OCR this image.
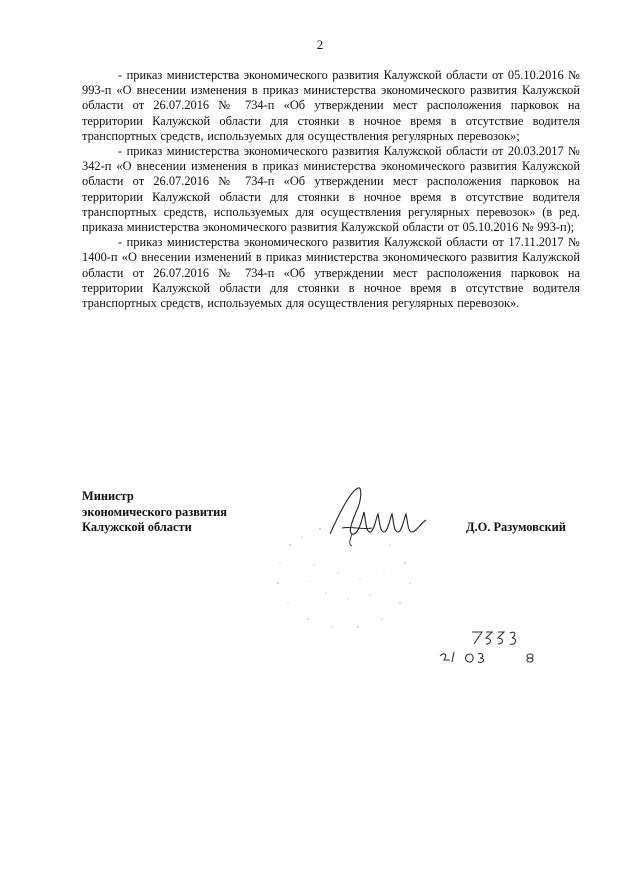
2

- приказ министерства экономического развития Калужской области от 05.10.2016 № 993-п «О внесении изменения в приказ министерства экономического развития Калужской области от 26.07.2016 № 734-п «Об утверждении мест расположения парковок на территории Калужской области для стоянки в ночное время в отсутствие водителя транспортных средств, используемых для осуществления регулярных перевозок»;

- приказ министерства экономического развития Калужской области от 20.03.2017 № 342-п «О внесении изменения в приказ министерства экономического развития Калужской области от 26.07.2016 № 734-п «Об утверждении мест расположения парковок на территории Калужской области для стоянки в ночное время в отсутствие водителя транспортных средств, используемых для осуществления регулярных перевозок» (в ред. приказа министерства экономического развития Калужской области от 05.10.2016 № 993-п);

- приказ министерства экономического развития Калужской области от 17.11.2017 № 1400-п «О внесении изменений в приказ министерства экономического развития Калужской области от 26.07.2016 № 734-п «Об утверждении мест расположения парковок на территории Калужской области для стоянки в ночное время в отсутствие водителя транспортных средств, используемых для осуществления регулярных перевозок».

Министр
экономического развития
Калужской области	Д.О. Разумовский
